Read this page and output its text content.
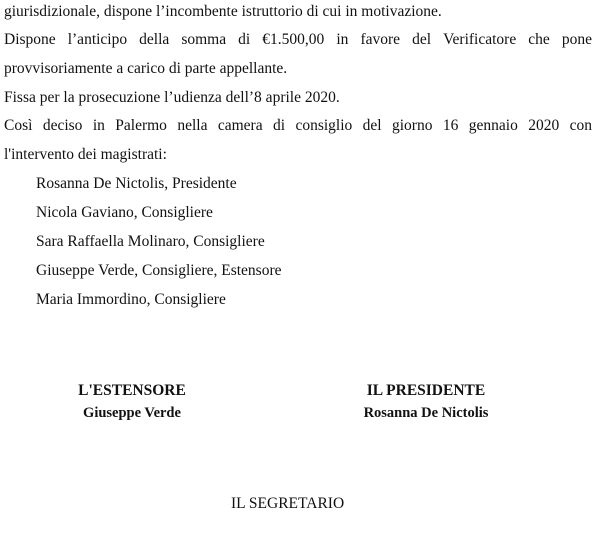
giurisdizionale, dispone l’incombente istruttorio di cui in motivazione.
Dispone l’anticipo della somma di €1.500,00 in favore del Verificatore che pone
provvisoriamente a carico di parte appellante.
Fissa per la prosecuzione l’udienza dell’8 aprile 2020.
Così deciso in Palermo nella camera di consiglio del giorno 16 gennaio 2020 con
l'intervento dei magistrati:
Rosanna De Nictolis, Presidente
Nicola Gaviano, Consigliere
Sara Raffaella Molinaro, Consigliere
Giuseppe Verde, Consigliere, Estensore
Maria Immordino, Consigliere
L'ESTENSORE
Giuseppe Verde
IL PRESIDENTE
Rosanna De Nictolis
IL SEGRETARIO
